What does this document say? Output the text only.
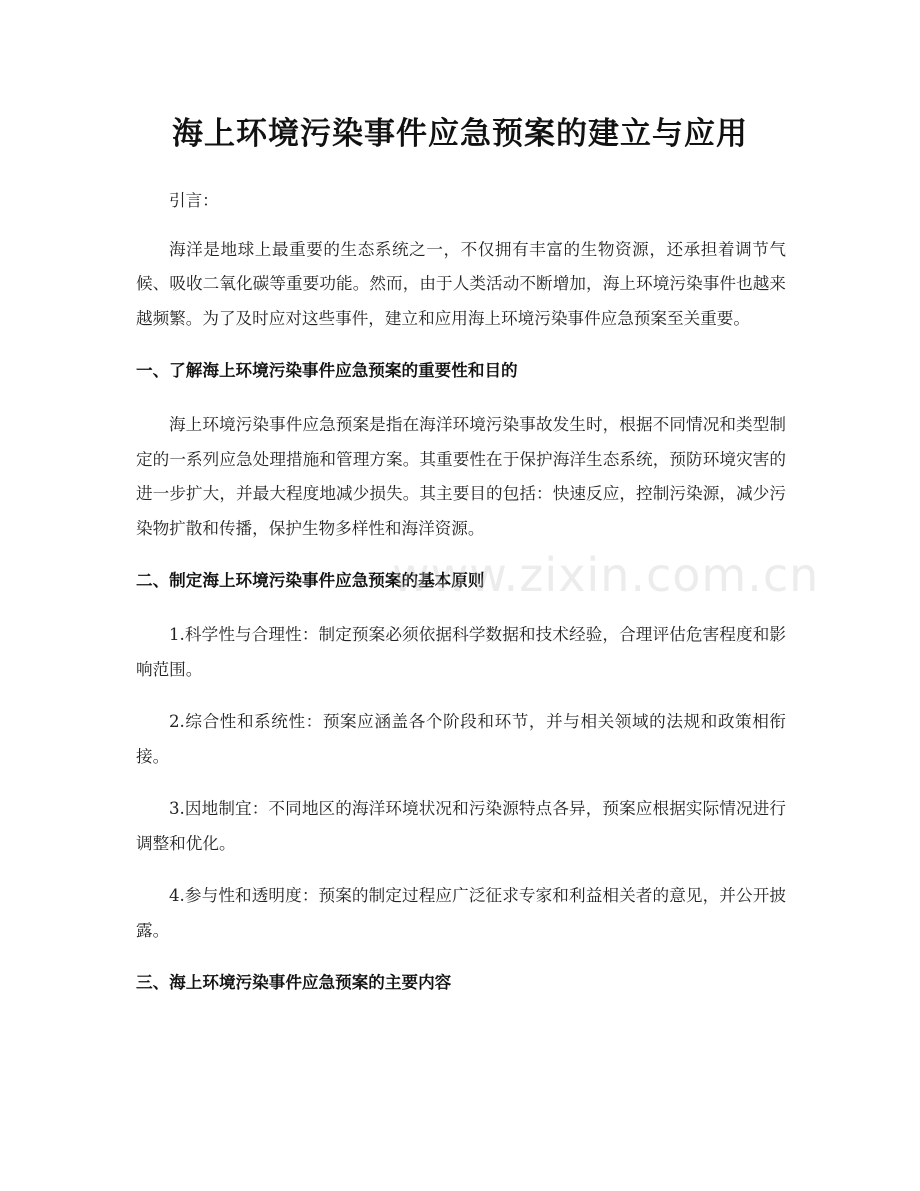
海上环境污染事件应急预案的建立与应用

引言：

海洋是地球上最重要的生态系统之一，不仅拥有丰富的生物资源，还承担着调节气候、吸收二氧化碳等重要功能。然而，由于人类活动不断增加，海上环境污染事件也越来越频繁。为了及时应对这些事件，建立和应用海上环境污染事件应急预案至关重要。

一、了解海上环境污染事件应急预案的重要性和目的

海上环境污染事件应急预案是指在海洋环境污染事故发生时，根据不同情况和类型制定的一系列应急处理措施和管理方案。其重要性在于保护海洋生态系统，预防环境灾害的进一步扩大，并最大程度地减少损失。其主要目的包括：快速反应，控制污染源，减少污染物扩散和传播，保护生物多样性和海洋资源。

二、制定海上环境污染事件应急预案的基本原则

1.科学性与合理性：制定预案必须依据科学数据和技术经验，合理评估危害程度和影响范围。

2.综合性和系统性：预案应涵盖各个阶段和环节，并与相关领域的法规和政策相衔接。

3.因地制宜：不同地区的海洋环境状况和污染源特点各异，预案应根据实际情况进行调整和优化。

4.参与性和透明度：预案的制定过程应广泛征求专家和利益相关者的意见，并公开披露。

三、海上环境污染事件应急预案的主要内容
www.zixin.com.cn
